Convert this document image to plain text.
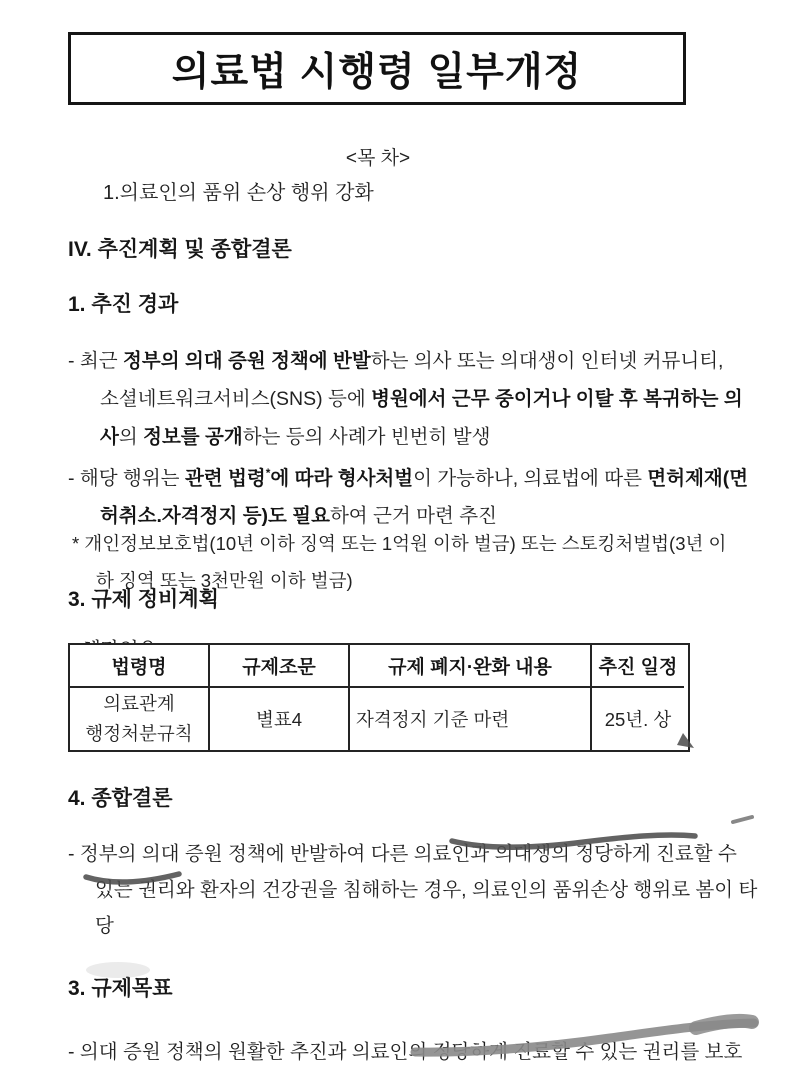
의료법 시행령 일부개정
<목 차>
1.의료인의 품위 손상 행위 강화
IV. 추진계획 및 종합결론
1. 추진 경과

- 최근 정부의 의대 증원 정책에 반발하는 의사 또는 의대생이 인터넷 커뮤니티, 소셜네트워크서비스(SNS) 등에 병원에서 근무 중이거나 이탈 후 복귀하는 의사의 정보를 공개하는 등의 사례가 빈번히 발생

- 해당 행위는 관련 법령*에 따라 형사처벌이 가능하나, 의료법에 따른 면허제재(면허취소.자격정지 등)도 필요하여 근거 마련 추진

* 개인정보보호법(10년 이하 징역 또는 1억원 이하 벌금) 또는 스토킹처벌법(3년 이하 징역 또는 3천만원 이하 벌금)

3. 규제 정비계획

법령명	규제조문	규제 폐지·완화 내용	추진 일정
의료관계
행정처분규칙
별표4	자격정지 기준 마련	25년. 상
4. 종합결론

- 정부의 의대 증원 정책에 반발하여 다른 의료인과 의대생의 정당하게 진료할 수 있는 권리와 환자의 건강권을 침해하는 경우, 의료인의 품위손상 행위로 봄이 타당

3. 규제목표

- 의대 증원 정책의 원활한 추진과 의료인의 정당하게 진료할 수 있는 권리를 보호
